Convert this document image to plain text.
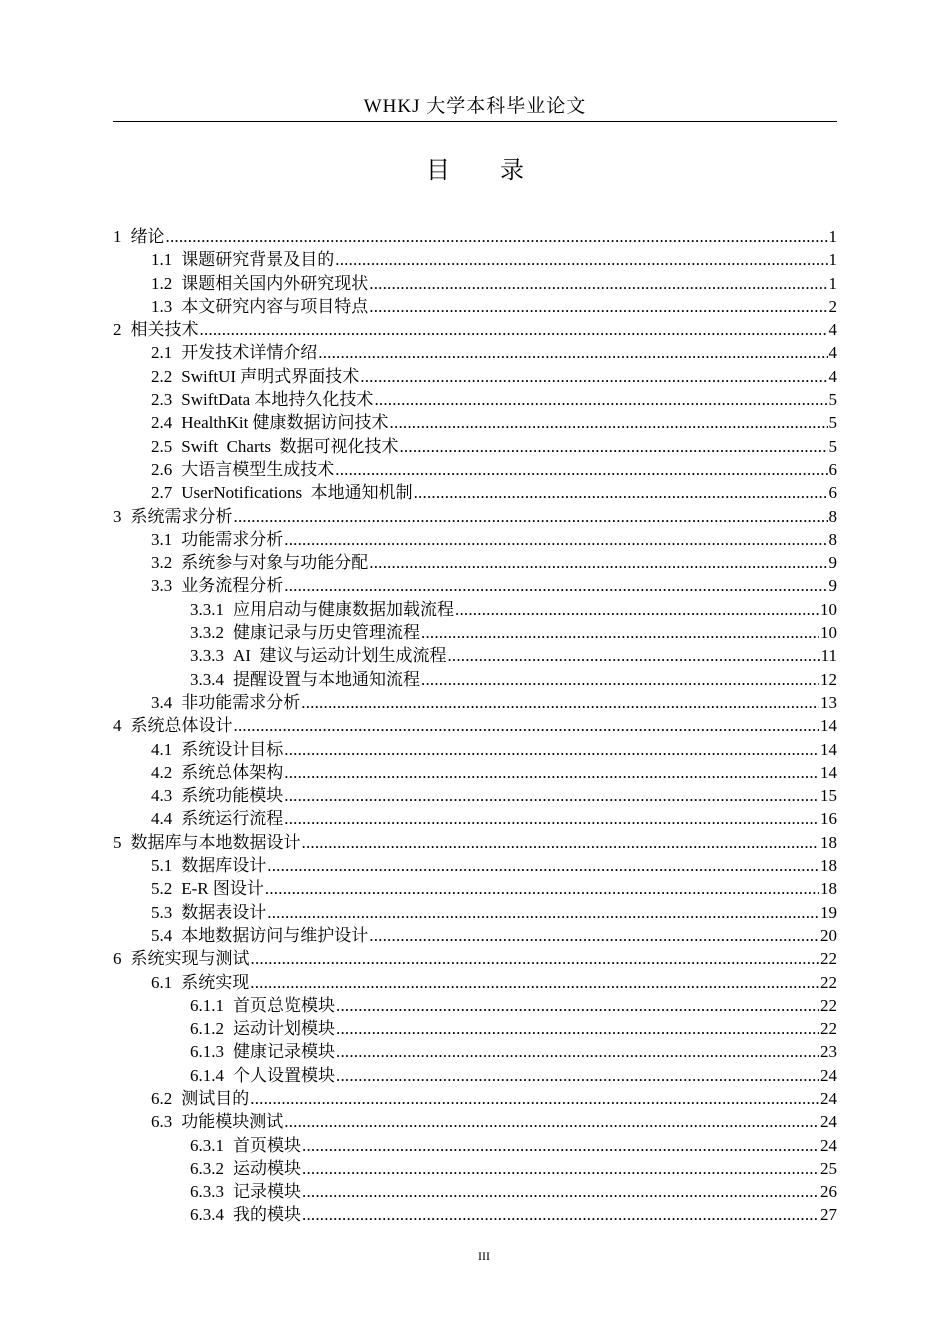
WHKJ 大学本科毕业论文
目 录
1 绪论 .....	1
1.1 课题研究背景及目的 .....	1
1.2 课题相关国内外研究现状 .....	1
1.3 本文研究内容与项目特点 .....	2
2 相关技术 .....	4
2.1 开发技术详情介绍 .....	4
2.2 SwiftUI 声明式界面技术 .....	4
2.3 SwiftData 本地持久化技术 .....	5
2.4 HealthKit 健康数据访问技术 .....	5
2.5 Swift  Charts  数据可视化技术 .....	5
2.6 大语言模型生成技术 .....	6
2.7 UserNotifications  本地通知机制 .....	6
3 系统需求分析 .....	8
3.1 功能需求分析 .....	8
3.2 系统参与对象与功能分配 .....	9
3.3 业务流程分析 .....	9
3.3.1 应用启动与健康数据加载流程 .....	10
3.3.2 健康记录与历史管理流程 .....	10
3.3.3 AI  建议与运动计划生成流程 .....	11
3.3.4 提醒设置与本地通知流程 .....	12
3.4 非功能需求分析 .....	13
4 系统总体设计 .....	14
4.1 系统设计目标 .....	14
4.2 系统总体架构 .....	14
4.3 系统功能模块 .....	15
4.4 系统运行流程 .....	16
5 数据库与本地数据设计 .....	18
5.1 数据库设计 .....	18
5.2 E-R 图设计 .....	18
5.3 数据表设计 .....	19
5.4 本地数据访问与维护设计 .....	20
6 系统实现与测试 .....	22
6.1 系统实现 .....	22
6.1.1 首页总览模块 .....	22
6.1.2 运动计划模块 .....	22
6.1.3 健康记录模块 .....	23
6.1.4 个人设置模块 .....	24
6.2 测试目的 .....	24
6.3 功能模块测试 .....	24
6.3.1 首页模块 .....	24
6.3.2 运动模块 .....	25
6.3.3 记录模块 .....	26
6.3.4 我的模块 .....	27
III
